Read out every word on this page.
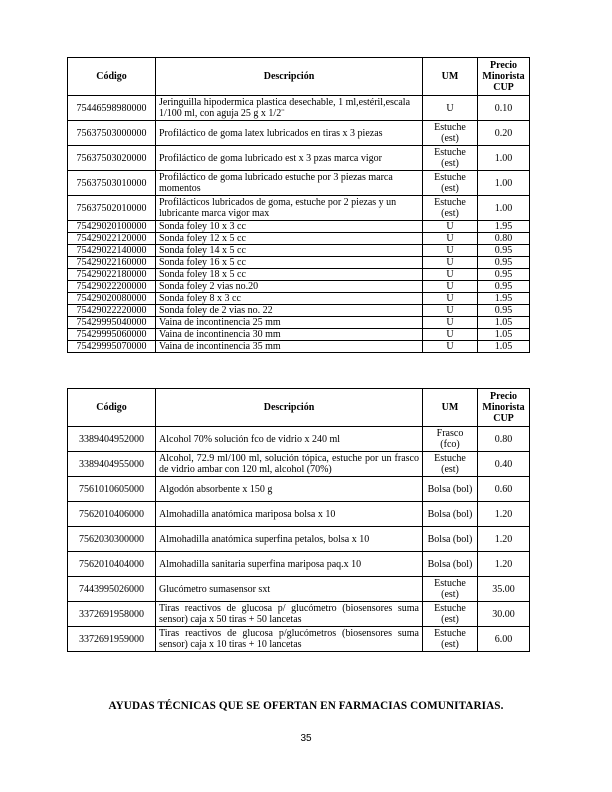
Código	Descripción	UM	Precio
Minorista
CUP
75446598980000	Jeringuilla hipodermica plastica desechable, 1 ml,estéril,escala 1/100 ml, con aguja 25 g x 1/2¨	U	0.10
75637503000000	Profiláctico de goma latex lubricados en tiras x 3 piezas	Estuche (est)	0.20
75637503020000	Profiláctico de goma lubricado est x 3 pzas marca vigor	Estuche (est)	1.00
75637503010000	Profiláctico de goma lubricado estuche por 3 piezas marca momentos	Estuche (est)	1.00
75637502010000	Profilácticos lubricados de goma, estuche por 2 piezas y un lubricante marca vigor max	Estuche (est)	1.00
75429020100000	Sonda foley 10 x 3 cc	U	1.95
75429022120000	Sonda foley 12 x 5 cc	U	0.80
75429022140000	Sonda foley 14 x 5 cc	U	0.95
75429022160000	Sonda foley 16 x 5 cc	U	0.95
75429022180000	Sonda foley 18 x 5 cc	U	0.95
75429022200000	Sonda foley 2 vias no.20	U	0.95
75429020080000	Sonda foley 8 x 3 cc	U	1.95
75429022220000	Sonda foley de 2 vias no. 22	U	0.95
75429995040000	Vaina de incontinencia 25 mm	U	1.05
75429995060000	Vaina de incontinencia 30 mm	U	1.05
75429995070000	Vaina de incontinencia 35 mm	U	1.05
Código	Descripción	UM	Precio
Minorista
CUP
3389404952000	Alcohol 70% solución fco de vidrio x 240 ml	Frasco (fco)	0.80
3389404955000	Alcohol, 72.9 ml/100 ml, solución tópica, estuche por un frasco de vidrio ambar con 120 ml, alcohol (70%)	Estuche (est)	0.40
7561010605000	Algodón absorbente x 150 g	Bolsa (bol)	0.60
7562010406000	Almohadilla anatómica mariposa bolsa x 10	Bolsa (bol)	1.20
7562030300000	Almohadilla anatómica superfina petalos, bolsa x 10	Bolsa (bol)	1.20
7562010404000	Almohadilla sanitaria superfina mariposa paq.x 10	Bolsa (bol)	1.20
7443995026000	Glucómetro sumasensor sxt	Estuche (est)	35.00
3372691958000	Tiras reactivos de glucosa p/ glucómetro (biosensores suma sensor) caja x 50 tiras + 50 lancetas	Estuche (est)	30.00
3372691959000	Tiras reactivos de glucosa p/glucómetros (biosensores suma sensor) caja x 10 tiras + 10 lancetas	Estuche (est)	6.00
AYUDAS TÉCNICAS QUE SE OFERTAN EN FARMACIAS COMUNITARIAS.
35
